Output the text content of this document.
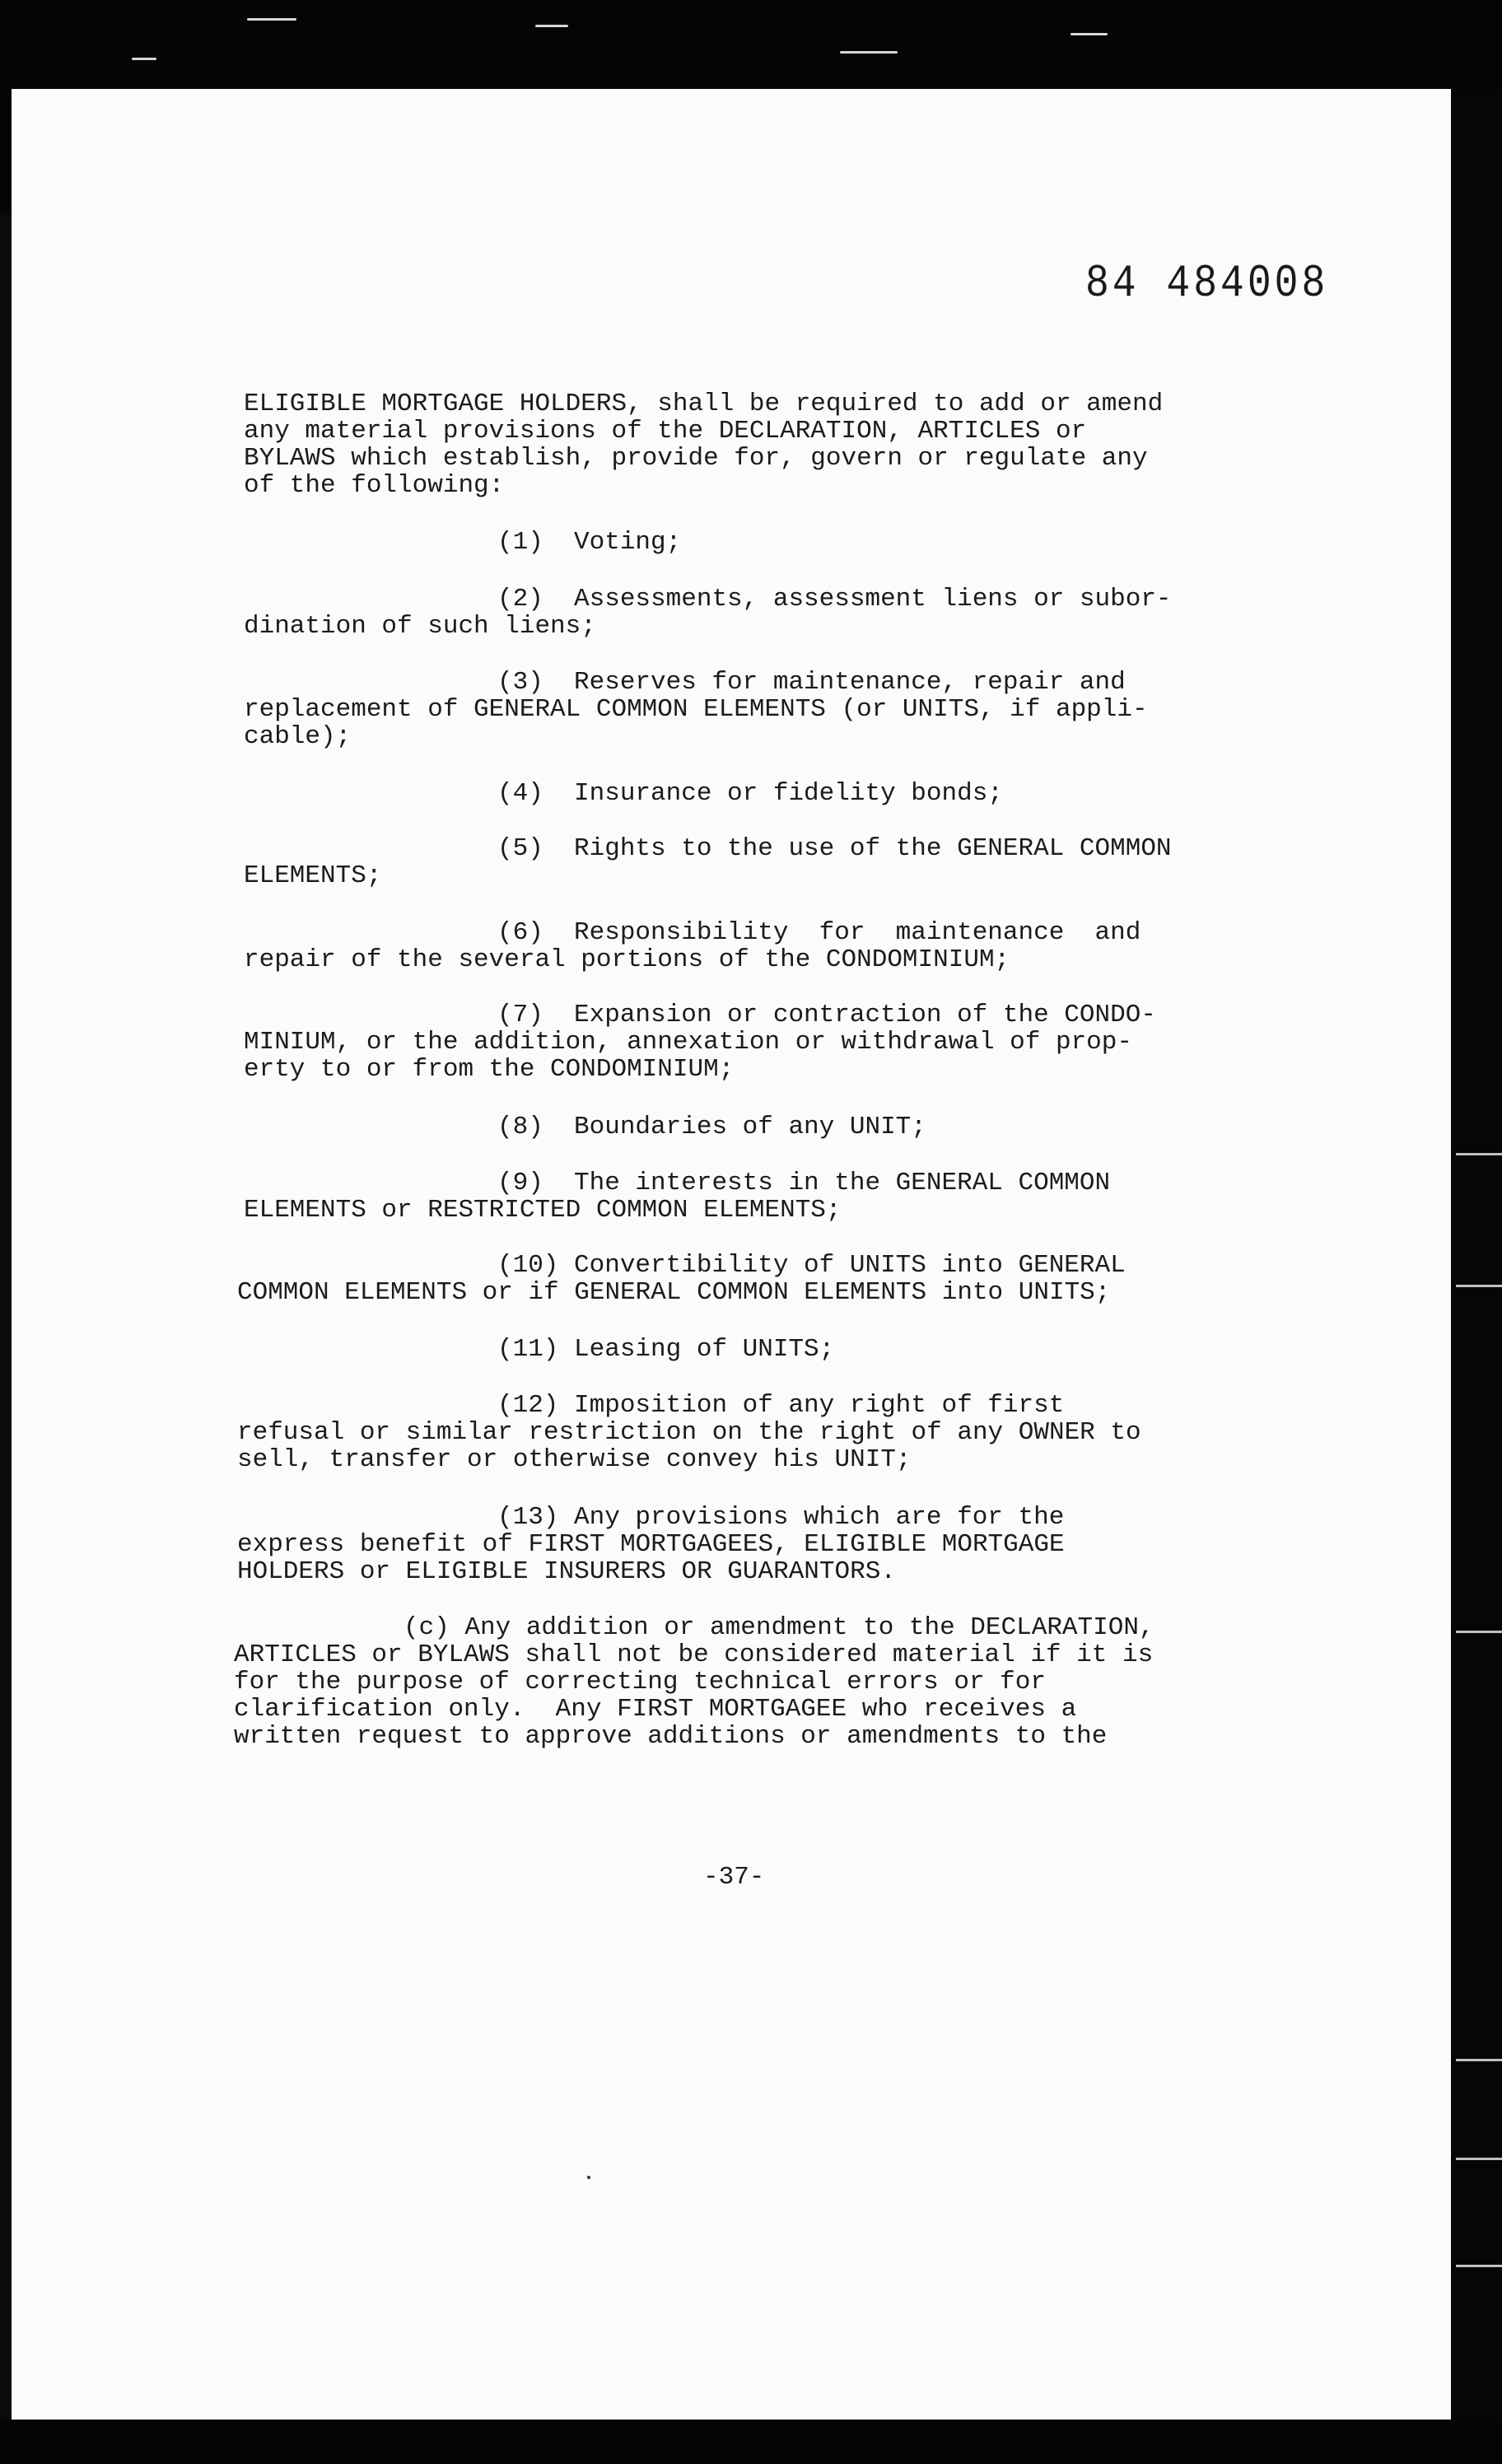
84 484008
ELIGIBLE MORTGAGE HOLDERS, shall be required to add or amend
any material provisions of the DECLARATION, ARTICLES or
BYLAWS which establish, provide for, govern or regulate any
of the following:
(1)  Voting;
(2)  Assessments, assessment liens or subor-
dination of such liens;
(3)  Reserves for maintenance, repair and
replacement of GENERAL COMMON ELEMENTS (or UNITS, if appli-
cable);
(4)  Insurance or fidelity bonds;
(5)  Rights to the use of the GENERAL COMMON
ELEMENTS;
(6)  Responsibility  for  maintenance  and
repair of the several portions of the CONDOMINIUM;
(7)  Expansion or contraction of the CONDO-
MINIUM, or the addition, annexation or withdrawal of prop-
erty to or from the CONDOMINIUM;
(8)  Boundaries of any UNIT;
(9)  The interests in the GENERAL COMMON
ELEMENTS or RESTRICTED COMMON ELEMENTS;
(10) Convertibility of UNITS into GENERAL
COMMON ELEMENTS or if GENERAL COMMON ELEMENTS into UNITS;
(11) Leasing of UNITS;
(12) Imposition of any right of first
refusal or similar restriction on the right of any OWNER to
sell, transfer or otherwise convey his UNIT;
(13) Any provisions which are for the
express benefit of FIRST MORTGAGEES, ELIGIBLE MORTGAGE
HOLDERS or ELIGIBLE INSURERS OR GUARANTORS.
(c) Any addition or amendment to the DECLARATION,
ARTICLES or BYLAWS shall not be considered material if it is
for the purpose of correcting technical errors or for
clarification only.  Any FIRST MORTGAGEE who receives a
written request to approve additions or amendments to the
-37-
